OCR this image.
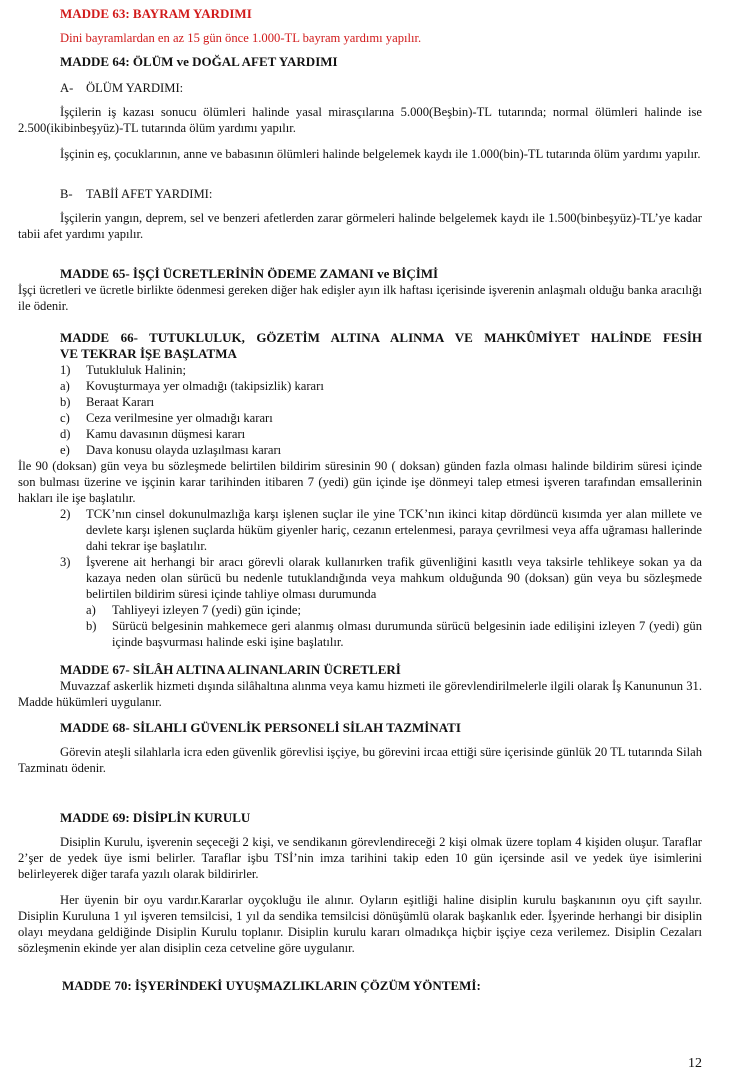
MADDE 63: BAYRAM YARDIMI
Dini bayramlardan en az 15 gün önce 1.000-TL bayram yardımı yapılır.
MADDE 64: ÖLÜM ve DOĞAL AFET YARDIMI
A- ÖLÜM YARDIMI:

İşçilerin iş kazası sonucu ölümleri halinde yasal mirasçılarına 5.000(Beşbin)-TL tutarında; normal ölümleri halinde ise 2.500(ikibinbeşyüz)-TL tutarında ölüm yardımı yapılır.

İşçinin eş, çocuklarının, anne ve babasının ölümleri halinde belgelemek kaydı ile 1.000(bin)-TL tutarında ölüm yardımı yapılır.

B- TABİİ AFET YARDIMI:

İşçilerin yangın, deprem, sel ve benzeri afetlerden zarar görmeleri halinde belgelemek kaydı ile 1.500(binbeşyüz)-TL’ye kadar tabii afet yardımı yapılır.

MADDE 65- İŞÇİ ÜCRETLERİNİN ÖDEME ZAMANI ve BİÇİMİ

İşçi ücretleri ve ücretle birlikte ödenmesi gereken diğer hak edişler ayın ilk haftası içerisinde işverenin anlaşmalı olduğu banka aracılığı ile ödenir.

MADDE 66- TUTUKLULUK, GÖZETİM ALTINA ALINMA VE MAHKÛMİYET HALİNDE FESİH
VE TEKRAR İŞE BAŞLATMA
1) Tutukluluk Halinin;
a) Kovuşturmaya yer olmadığı (takipsizlik) kararı
b) Beraat Kararı
c) Ceza verilmesine yer olmadığı kararı
d) Kamu davasının düşmesi kararı
e) Dava konusu olayda uzlaşılması kararı

İle 90 (doksan) gün veya bu sözleşmede belirtilen bildirim süresinin 90 ( doksan) günden fazla olması halinde bildirim süresi içinde son bulması üzerine ve işçinin karar tarihinden itibaren 7 (yedi) gün içinde işe dönmeyi talep etmesi işveren tarafından emsallerinin hakları ile işe başlatılır.

2) TCK’nın cinsel dokunulmazlığa karşı işlenen suçlar ile yine TCK’nın ikinci kitap dördüncü kısımda yer alan millete ve devlete karşı işlenen suçlarda hüküm giyenler hariç, cezanın ertelenmesi, paraya çevrilmesi veya affa uğraması hallerinde dahi tekrar işe başlatılır.

3) İşverene ait herhangi bir aracı görevli olarak kullanırken trafik güvenliğini kasıtlı veya taksirle tehlikeye sokan ya da kazaya neden olan sürücü bu nedenle tutuklandığında veya mahkum olduğunda 90 (doksan) gün veya bu sözleşmede belirtilen bildirim süresi içinde tahliye olması durumunda

a) Tahliyeyi izleyen 7 (yedi) gün içinde;

b) Sürücü belgesinin mahkemece geri alanmış olması durumunda sürücü belgesinin iade edilişini izleyen 7 (yedi) gün içinde başvurması halinde eski işine başlatılır.

MADDE 67- SİLÂH ALTINA ALINANLARIN ÜCRETLERİ

Muvazzaf askerlik hizmeti dışında silâhaltına alınma veya kamu hizmeti ile görevlendirilmelerle ilgili olarak İş Kanununun 31. Madde hükümleri uygulanır.

MADDE 68- SİLAHLI GÜVENLİK PERSONELİ SİLAH TAZMİNATI

Görevin ateşli silahlarla icra eden güvenlik görevlisi işçiye, bu görevini ircaa ettiği süre içerisinde günlük 20 TL tutarında Silah Tazminatı ödenir.

MADDE 69: DİSİPLİN KURULU

Disiplin Kurulu, işverenin seçeceği 2 kişi, ve sendikanın görevlendireceği 2 kişi olmak üzere toplam 4 kişiden oluşur. Taraflar 2’şer de yedek üye ismi belirler. Taraflar işbu TSİ’nin imza tarihini takip eden 10 gün içersinde asil ve yedek üye isimlerini belirleyerek diğer tarafa yazılı olarak bildirirler.

Her üyenin bir oyu vardır.Kararlar oyçokluğu ile alınır. Oyların eşitliği haline disiplin kurulu başkanının oyu çift sayılır. Disiplin Kuruluna 1 yıl işveren temsilcisi, 1 yıl da sendika temsilcisi dönüşümlü olarak başkanlık eder. İşyerinde herhangi bir disiplin olayı meydana geldiğinde Disiplin Kurulu toplanır. Disiplin kurulu kararı olmadıkça hiçbir işçiye ceza verilemez. Disiplin Cezaları sözleşmenin ekinde yer alan disiplin ceza cetveline göre uygulanır.

MADDE 70: İŞYERİNDEKİ UYUŞMAZLIKLARIN ÇÖZÜM YÖNTEMİ:
12
